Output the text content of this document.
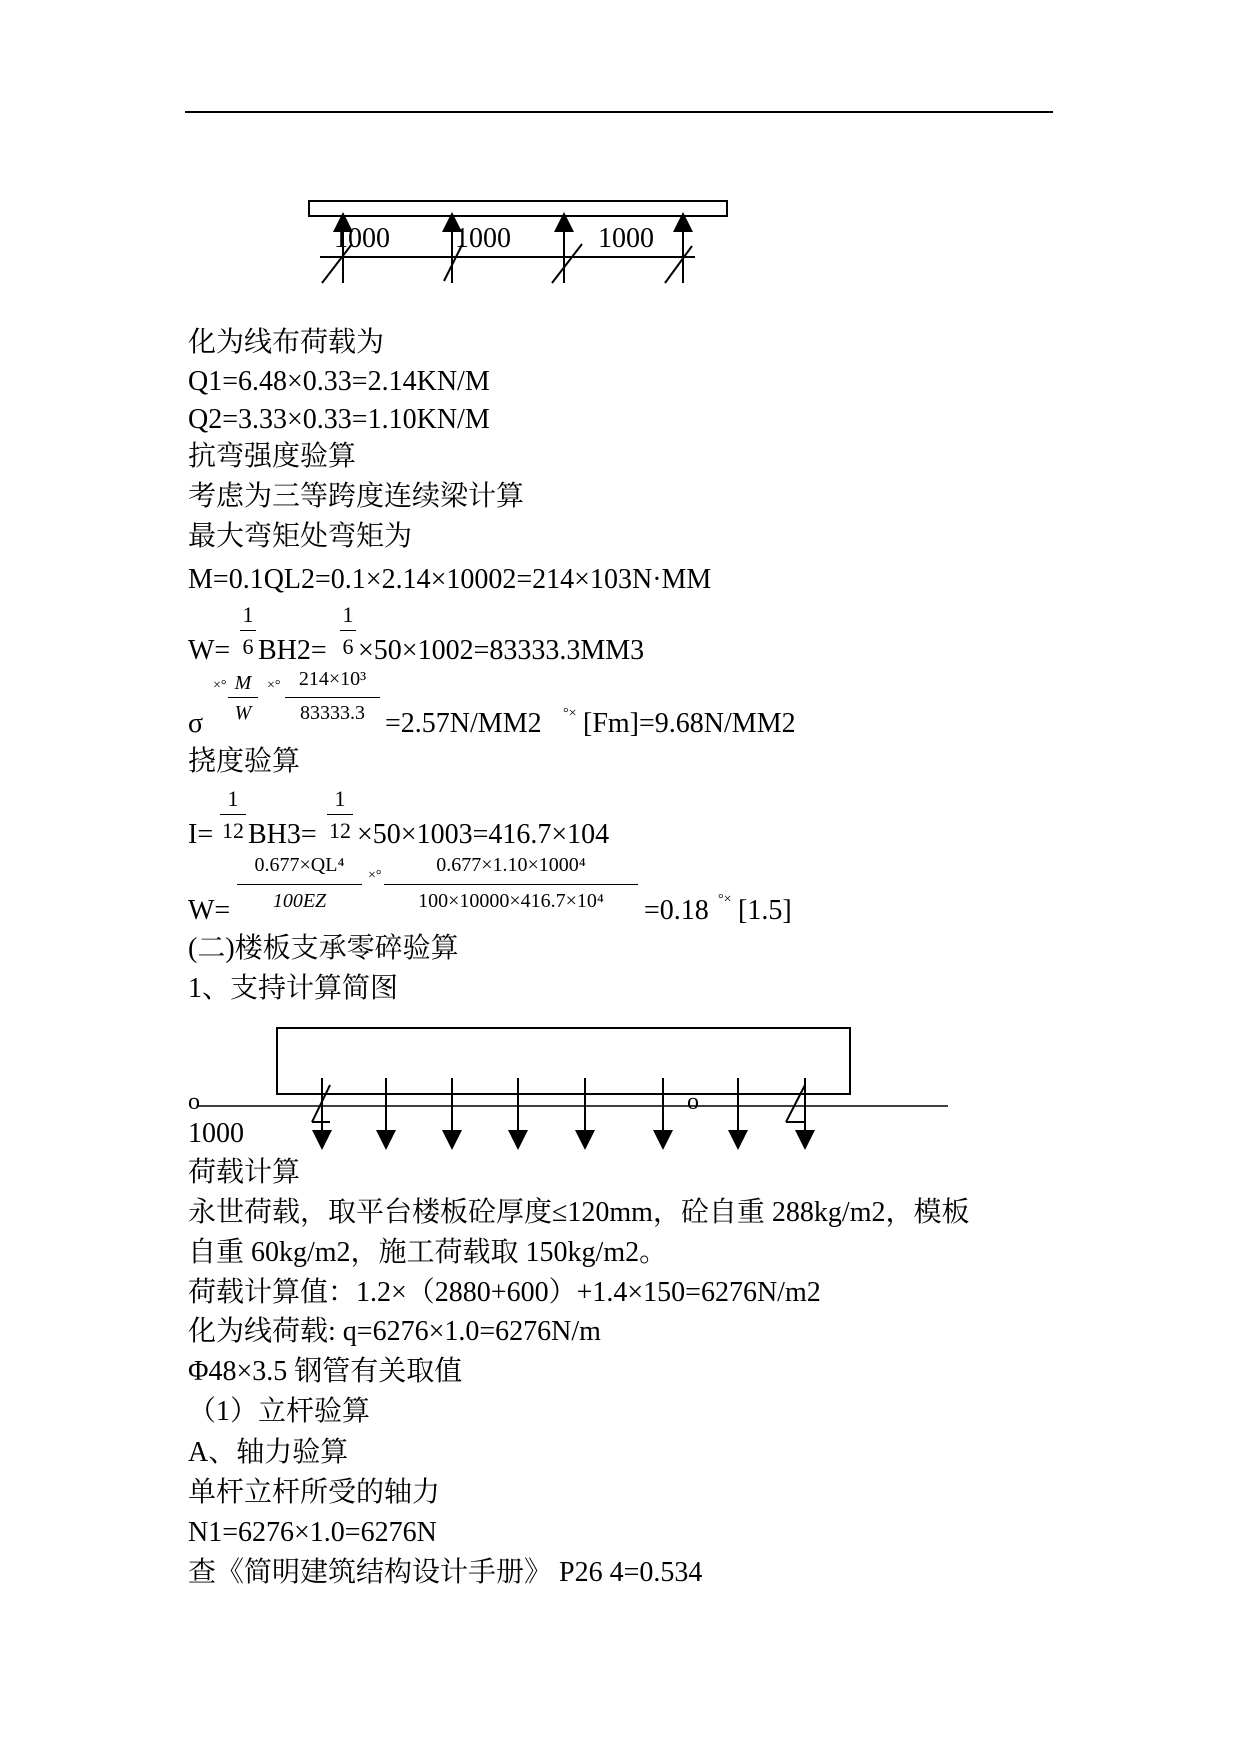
1000 1000	1000
化为线布荷载为
Q1=6.48×0.33=2.14KN/M
Q2=3.33×0.33=1.10KN/M
抗弯强度验算
考虑为三等跨度连续梁计算
最大弯矩处弯矩为
M=0.1QL2=0.1×2.14×10002=214×103N·MM
1
6
1
6
W= BH2= ×50×1002=83333.3MM3
×° M
W
×° 214×10³
83333.3
σ	=2.57N/MM2 °× [Fm]=9.68N/MM2
挠度验算
1
12
1
12
I= BH3= ×50×1003=416.7×104
0.677×QL⁴
100EZ
×°	0.677×1.10×1000⁴
100×10000×416.7×10⁴
W=	=0.18 °× [1.5]
(二)楼板支承零碎验算
1、支持计算简图
o	o
1000
荷载计算
永世荷载，取平台楼板砼厚度≤120mm，砼自重 288kg/m2，模板
自重 60kg/m2，施工荷载取 150kg/m2。
荷载计算值：1.2×（2880+600）+1.4×150=6276N/m2
化为线荷载: q=6276×1.0=6276N/m
Φ48×3.5 钢管有关取值
（1）立杆验算
A、轴力验算
单杆立杆所受的轴力
N1=6276×1.0=6276N
查《简明建筑结构设计手册》 P26 4=0.534
